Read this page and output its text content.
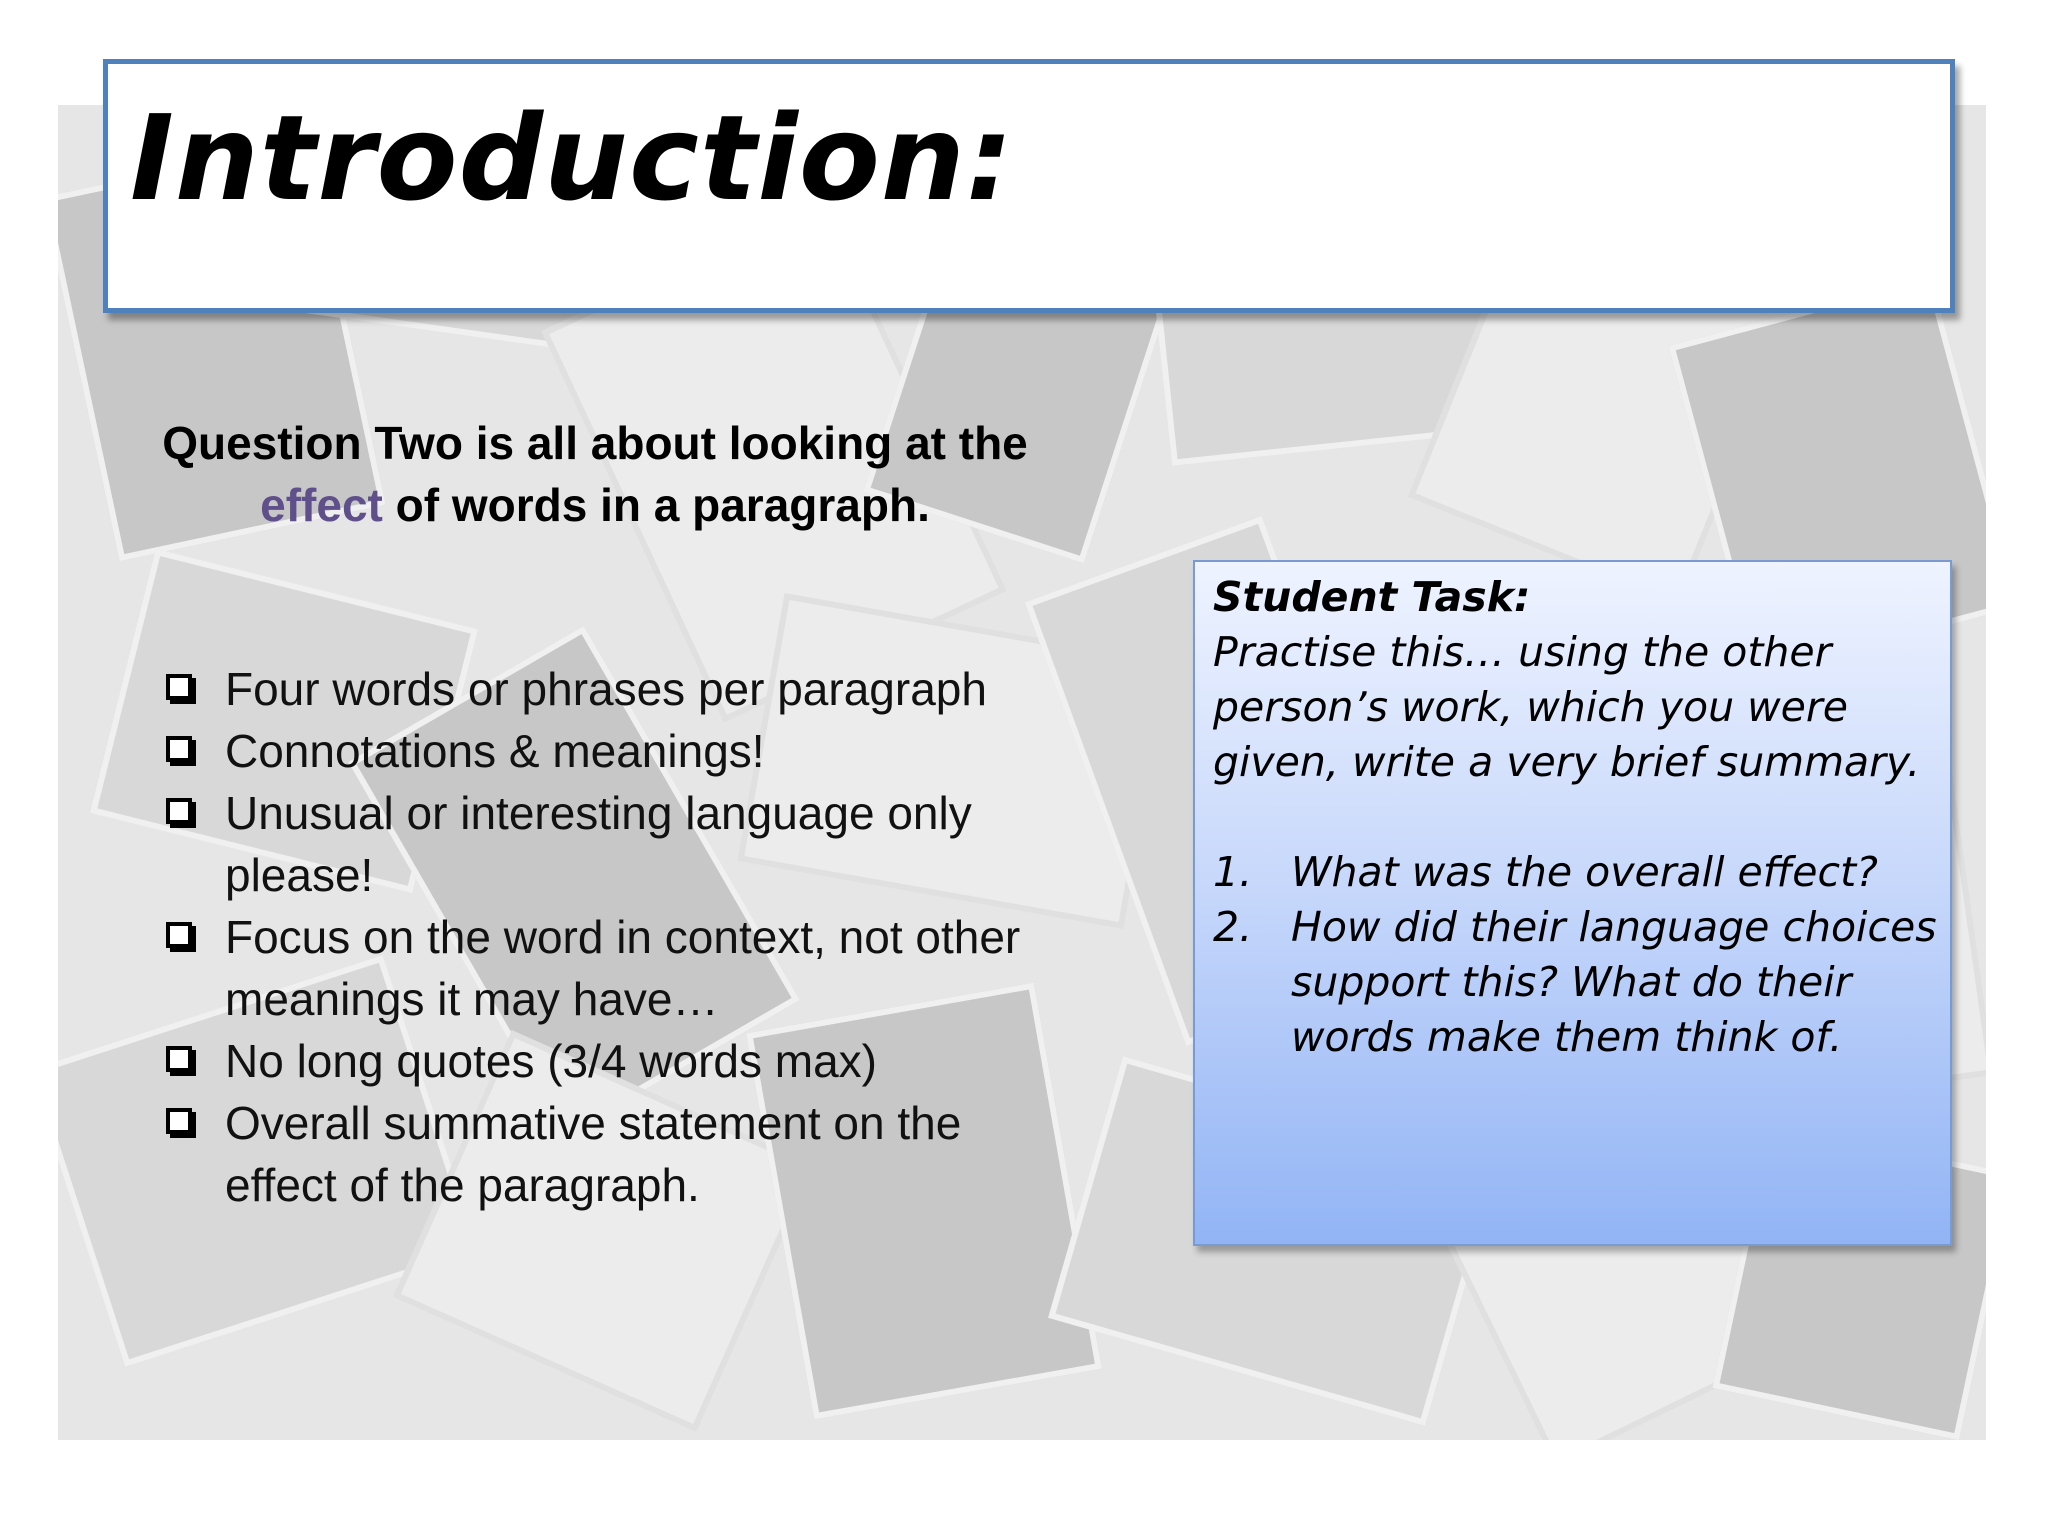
Introduction:

Question Two is all about looking at the effect of words in a paragraph.

Four words or phrases per paragraph
Connotations & meanings!
Unusual or interesting language only please!
Focus on the word in context, not other meanings it may have…
No long quotes (3/4 words max)
Overall summative statement on the effect of the paragraph.
Student Task:
Practise this… using the other person’s work, which you were given, write a very brief summary.
1. What was the overall effect?
2. How did their language choices support this? What do their words make them think of.
